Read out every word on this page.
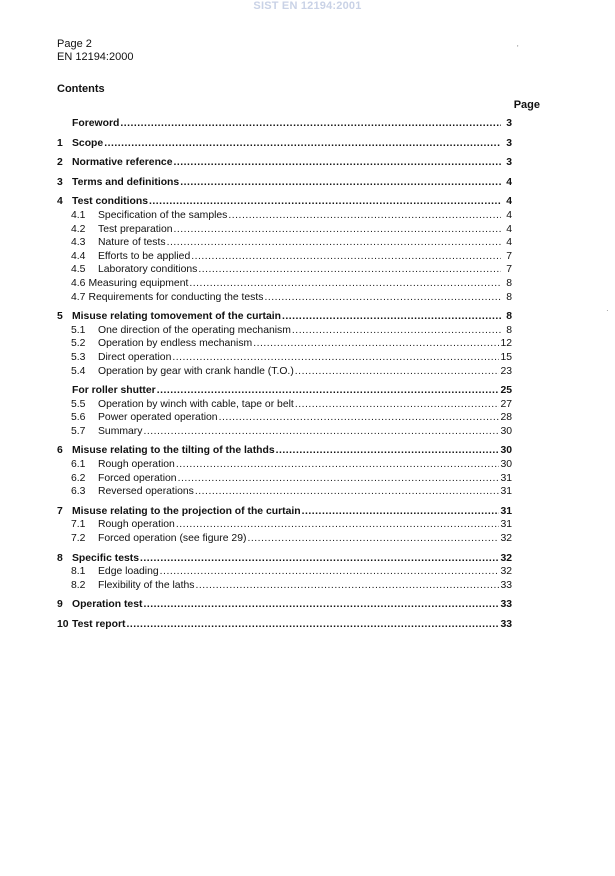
SIST EN 12194:2001
Page 2
EN 12194:2000
Contents
Page
Foreword .....	3
1 Scope .....	3
2 Normative reference .....	3
3 Terms and definitions .....	4
4 Test conditions .....	4
4.1	Specification of the samples .....	4
4.2	Test preparation .....	4
4.3	Nature of tests .....	4
4.4	Efforts to be applied .....	7
4.5	Laboratory conditions .....	7
4.6 Measuring equipment .....	8
4.7 Requirements for conducting the tests .....	8
5 Misuse relating tomovement of the curtain .....	8
5.1	One direction of the operating mechanism .....	8
5.2	Operation by endless mechanism .....	12
5.3	Direct operation .....	15
5.4	Operation by gear with crank handle (T.O.) .....	23
For roller shutter .....	25
5.5	Operation by winch with cable, tape or belt .....	27
5.6	Power operated operation .....	28
5.7	Summary .....	30
6 Misuse relating to the tilting of the lathds .....	30
6.1	Rough operation .....	30
6.2	Forced operation .....	31
6.3	Reversed operations .....	31
7 Misuse relating to the projection of the curtain .....	31
7.1	Rough operation .....	31
7.2	Forced operation (see figure 29) .....	32
8 Specific tests .....	32
8.1	Edge loading .....	32
8.2	Flexibility of the laths .....	33
9 Operation test .....	33
10 Test report .....	33
'
·
